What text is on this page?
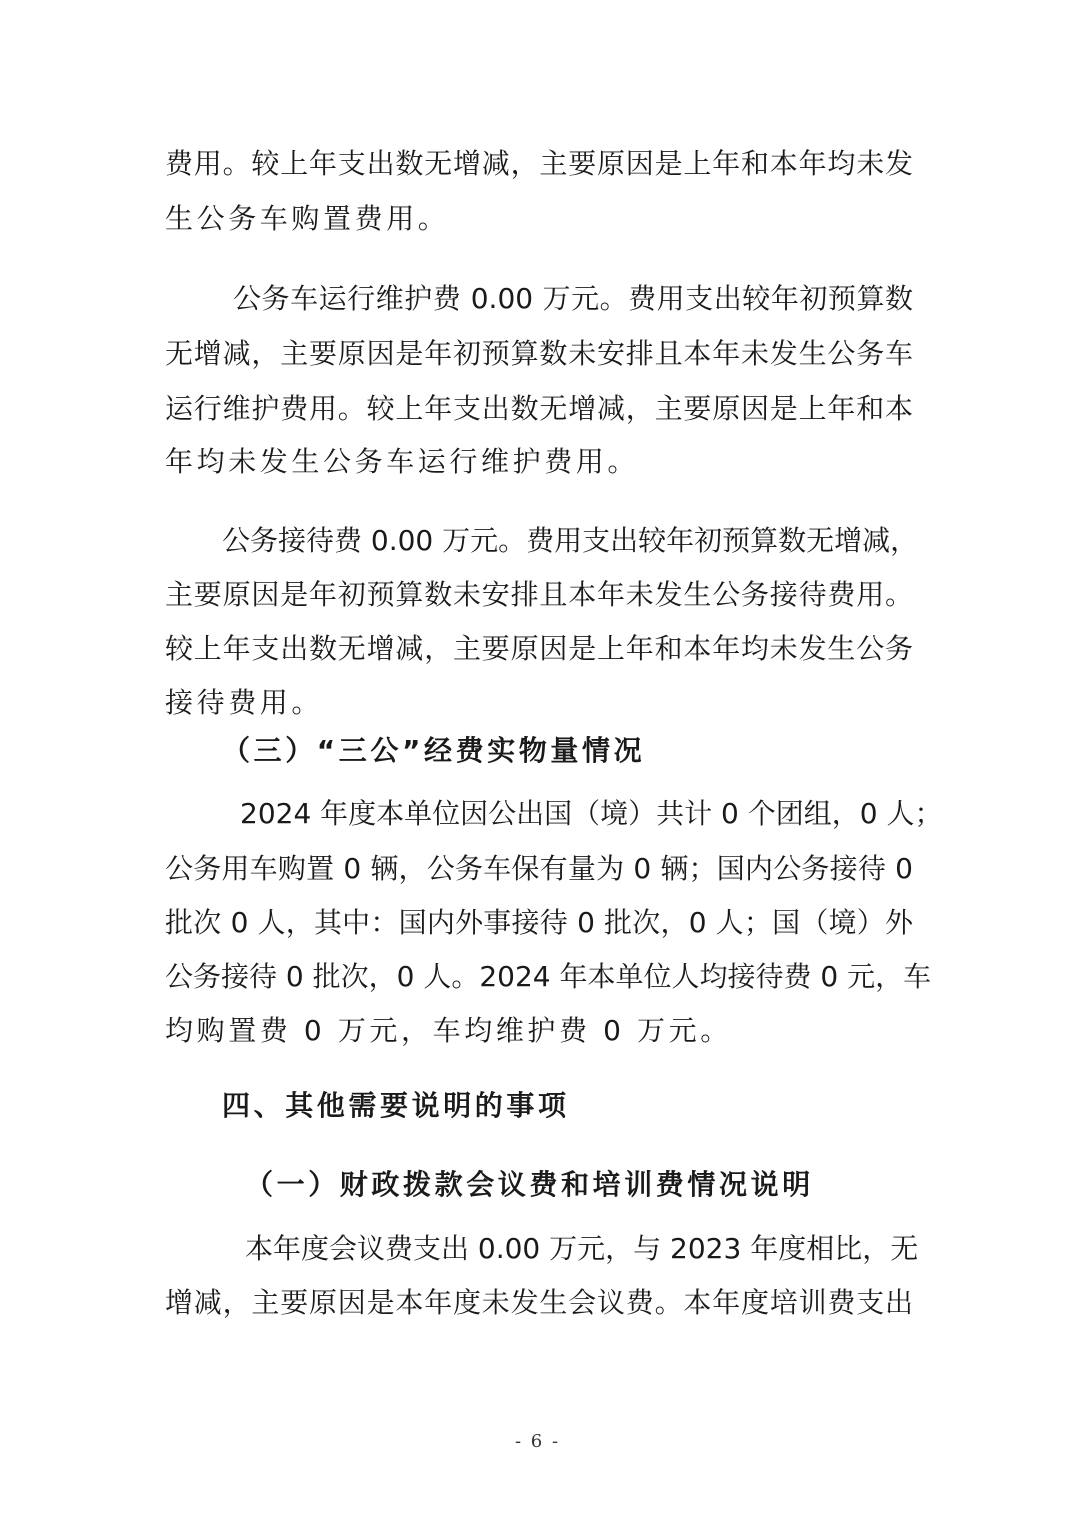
费用。较上年支出数无增减，主要原因是上年和本年均未发
生公务车购置费用。
公务车运行维护费 0.00 万元。费用支出较年初预算数
无增减，主要原因是年初预算数未安排且本年未发生公务车
运行维护费用。较上年支出数无增减，主要原因是上年和本
年均未发生公务车运行维护费用。
公务接待费 0.00 万元。费用支出较年初预算数无增减，
主要原因是年初预算数未安排且本年未发生公务接待费用。
较上年支出数无增减，主要原因是上年和本年均未发生公务
接待费用。
（三）“三公”经费实物量情况
2024 年度本单位因公出国（境）共计 0 个团组，0 人；
公务用车购置 0 辆，公务车保有量为 0 辆；国内公务接待 0
批次 0 人，其中：国内外事接待 0 批次，0 人；国（境）外
公务接待 0 批次，0 人。2024 年本单位人均接待费 0 元，车
均购置费 0 万元，车均维护费 0 万元。
四、其他需要说明的事项
（一）财政拨款会议费和培训费情况说明
本年度会议费支出 0.00 万元，与 2023 年度相比，无
增减，主要原因是本年度未发生会议费。本年度培训费支出
- 6 -
